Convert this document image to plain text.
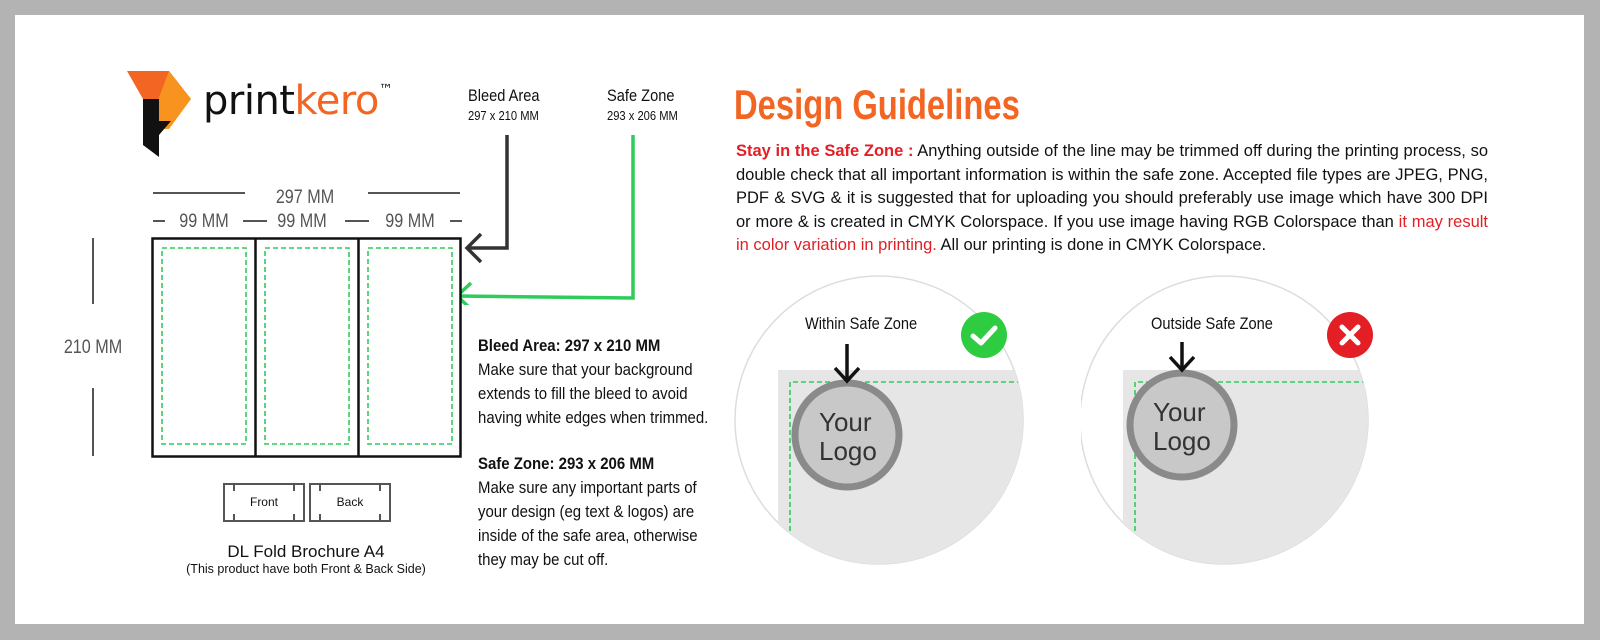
printkero™	Bleed Area
297 x 210 MM
Safe Zone
293 x 206 MM
297 MM
99 MM	99 MM	99 MM
210 MM
Front	Back
DL Fold Brochure A4
(This product have both Front & Back Side)
Bleed Area: 297 x 210 MM
Make sure that your background
extends to fill the bleed to avoid
having white edges when trimmed.
Safe Zone: 293 x 206 MM
Make sure any important parts of
your design (eg text & logos) are
inside of the safe area, otherwise
they may be cut off.
Design Guidelines
Stay in the Safe Zone : Anything outside of the line may be trimmed off during the printing process, so double check that all important information is within the safe zone. Accepted file types are JPEG, PNG, PDF & SVG & it is suggested that for uploading you should preferably use image which have 300 DPI or more & is created in CMYK Colorspace. If you use image having RGB Colorspace than it may result in color variation in printing. All our printing is done in CMYK Colorspace.
Within Safe Zone
Your
Logo
Outside Safe Zone
Your
Logo
